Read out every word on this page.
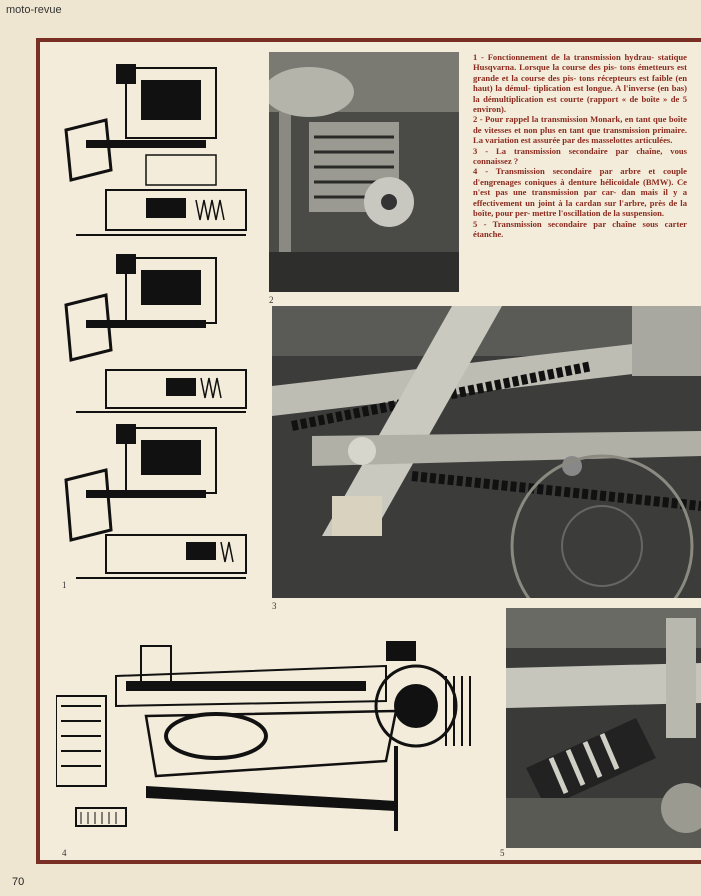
moto-revue
1
2

1 - Fonctionnement de la transmission hydrau- statique Husqvarna. Lorsque la course des pis- tons émetteurs est grande et la course des pis- tons récepteurs est faible (en haut) la démul- tiplication est longue. A l'inverse (en bas) la démultiplication est courte (rapport « de boîte » de 5 environ).

2 - Pour rappel la transmission Monark, en tant que boîte de vitesses et non plus en tant que transmission primaire. La variation est assurée par des masselottes articulées.

3 - La transmission secondaire par chaîne, vous connaissez ?

4 - Transmission secondaire par arbre et couple d'engrenages coniques à denture hélicoïdale (BMW). Ce n'est pas une transmission par car- dan mais il y a effectivement un joint à la cardan sur l'arbre, près de la boîte, pour per- mettre l'oscillation de la suspension.

5 - Transmission secondaire par chaîne sous carter étanche.

3
4	5
70
